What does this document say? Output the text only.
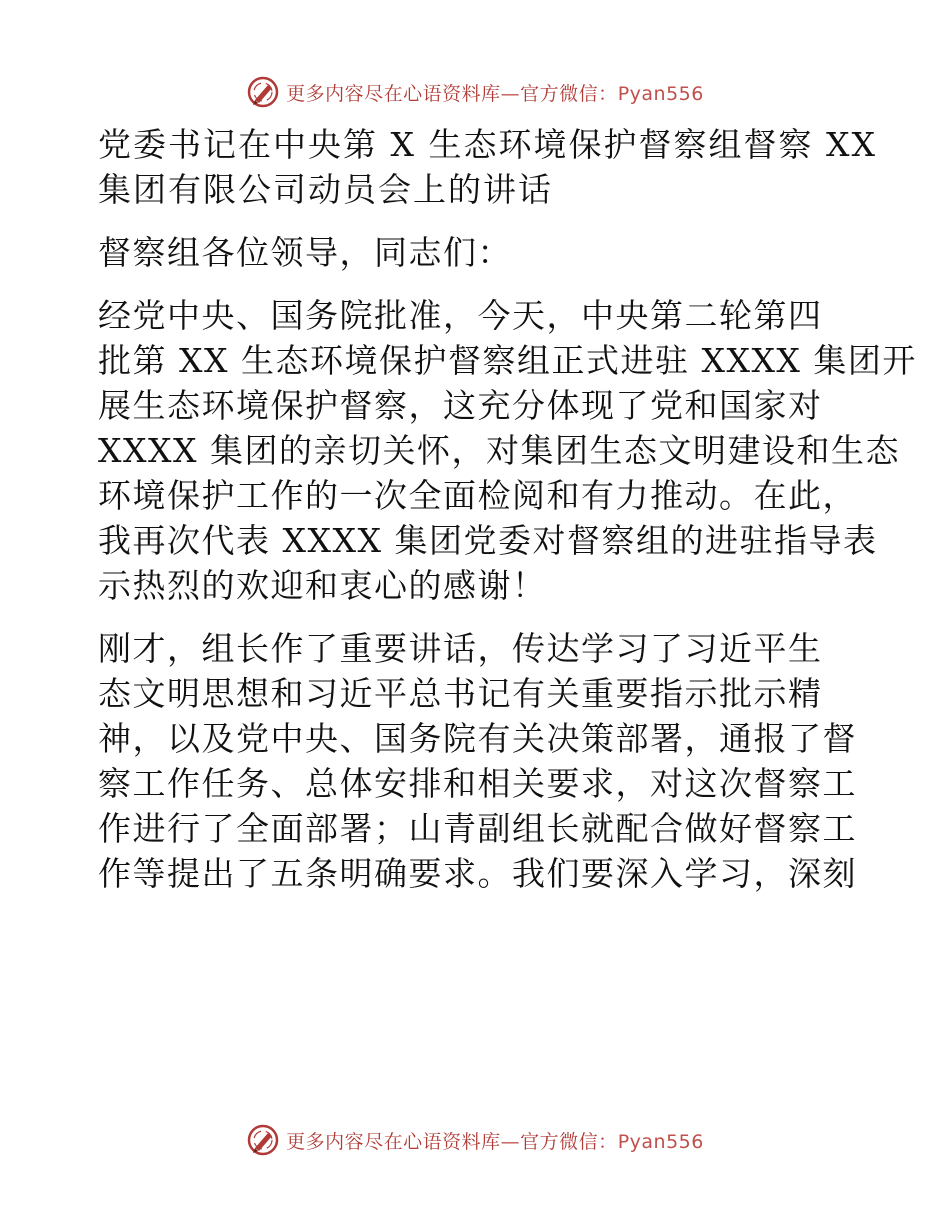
更多内容尽在心语资料库—官方微信：Pyan556
党委书记在中央第 X 生态环境保护督察组督察 XX
集团有限公司动员会上的讲话
督察组各位领导，同志们：
经党中央、国务院批准，今天，中央第二轮第四
批第 XX 生态环境保护督察组正式进驻 XXXX 集团开
展生态环境保护督察，这充分体现了党和国家对
XXXX 集团的亲切关怀，对集团生态文明建设和生态
环境保护工作的一次全面检阅和有力推动。在此，
我再次代表 XXXX 集团党委对督察组的进驻指导表
示热烈的欢迎和衷心的感谢！
刚才，组长作了重要讲话，传达学习了习近平生
态文明思想和习近平总书记有关重要指示批示精
神，以及党中央、国务院有关决策部署，通报了督
察工作任务、总体安排和相关要求，对这次督察工
作进行了全面部署；山青副组长就配合做好督察工
作等提出了五条明确要求。我们要深入学习，深刻
更多内容尽在心语资料库—官方微信：Pyan556
